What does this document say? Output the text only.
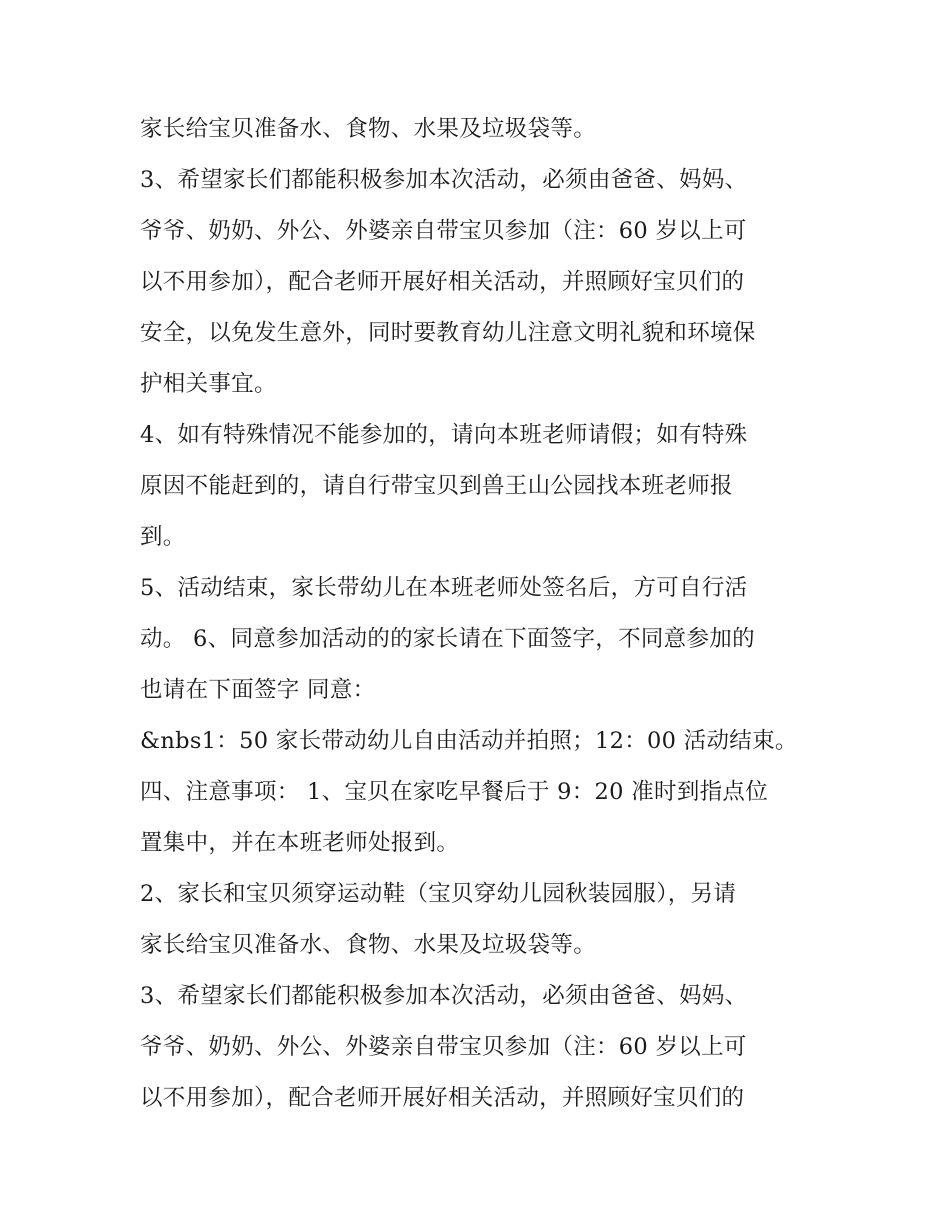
家长给宝贝准备水、食物、水果及垃圾袋等。
3、希望家长们都能积极参加本次活动，必须由爸爸、妈妈、
爷爷、奶奶、外公、外婆亲自带宝贝参加（注：60 岁以上可
以不用参加），配合老师开展好相关活动，并照顾好宝贝们的
安全，以免发生意外，同时要教育幼儿注意文明礼貌和环境保
护相关事宜。
4、如有特殊情况不能参加的，请向本班老师请假；如有特殊
原因不能赶到的，请自行带宝贝到兽王山公园找本班老师报
到。
5、活动结束，家长带幼儿在本班老师处签名后，方可自行活
动。 6、同意参加活动的的家长请在下面签字，不同意参加的
也请在下面签字 同意：
&nbs1：50 家长带动幼儿自由活动并拍照；12：00 活动结束。
四、注意事项： 1、宝贝在家吃早餐后于 9：20 准时到指点位
置集中，并在本班老师处报到。
2、家长和宝贝须穿运动鞋（宝贝穿幼儿园秋装园服），另请
家长给宝贝准备水、食物、水果及垃圾袋等。
3、希望家长们都能积极参加本次活动，必须由爸爸、妈妈、
爷爷、奶奶、外公、外婆亲自带宝贝参加（注：60 岁以上可
以不用参加），配合老师开展好相关活动，并照顾好宝贝们的
